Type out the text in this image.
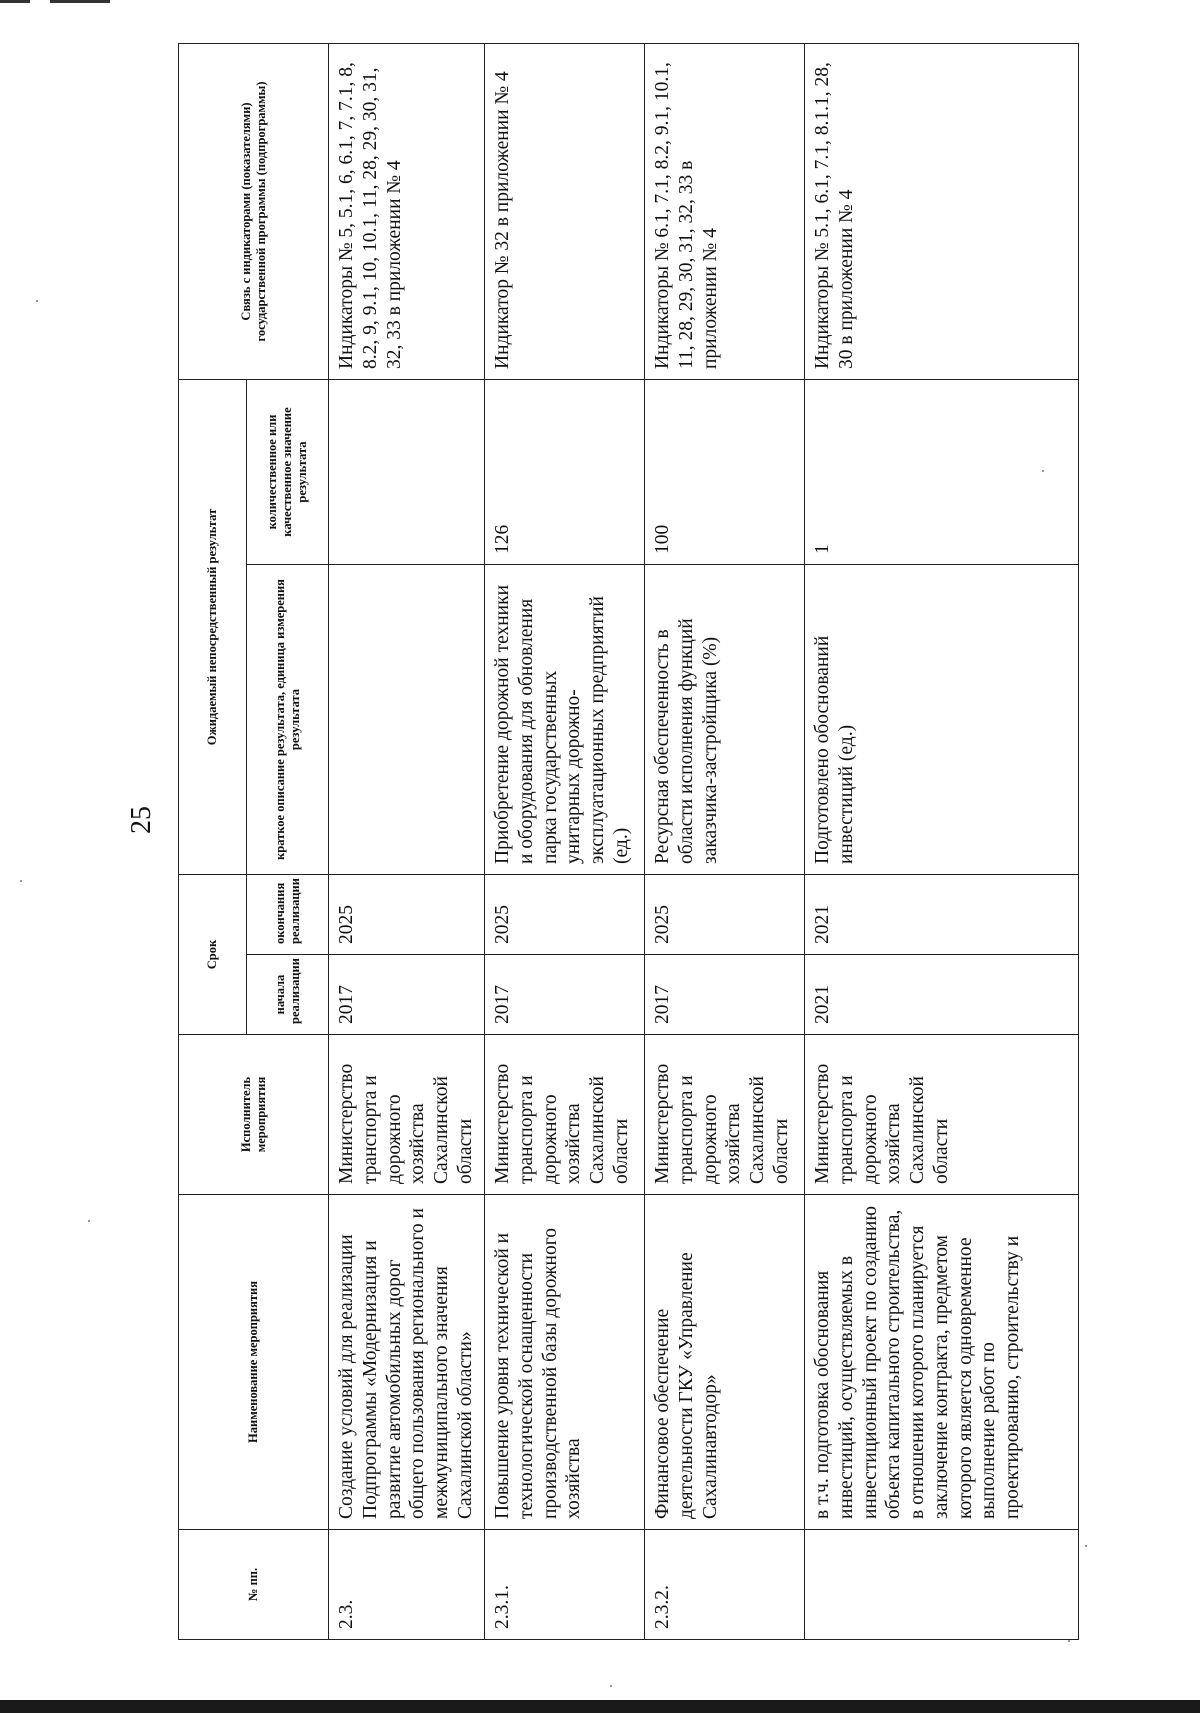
25
№ пп.	Наименование мероприятия	Исполнитель мероприятия	Срок		Ожидаемый непосредственный результат		Связь с индикаторами (показателями) государственной программы (подпрограммы)
			начала реализации	окончания реализации	краткое описание результата, единица измерения результата	количественное или качественное значение результата	
2.3.	Создание условий для реализации Подпрограммы «Модернизация и развитие автомобильных дорог общего пользования регионального и межмуниципального значения Сахалинской области»	Министерство транспорта и дорожного хозяйства Сахалинской области	2017	2025			Индикаторы № 5, 5.1, 6, 6.1, 7, 7.1, 8, 8.2, 9, 9.1, 10, 10.1, 11, 28, 29, 30, 31, 32, 33 в приложении № 4
2.3.1.	Повышение уровня технической и технологической оснащенности производственной базы дорожного хозяйства	Министерство транспорта и дорожного хозяйства Сахалинской области	2017	2025	Приобретение дорожной техники и оборудования для обновления парка государственных унитарных дорожно-эксплуатационных предприятий (ед.)	126	Индикатор № 32 в приложении № 4
2.3.2.	Финансовое обеспечение деятельности ГКУ «Управление Сахалинавтодор»	Министерство транспорта и дорожного хозяйства Сахалинской области	2017	2025	Ресурсная обеспеченность в области исполнения функций заказчика-застройщика (%)	100	Индикаторы № 6.1, 7.1, 8.2, 9.1, 10.1, 11, 28, 29, 30, 31, 32, 33 в приложении № 4
	в т.ч. подготовка обоснования инвестиций, осуществляемых в инвестиционный проект по созданию объекта капитального строительства, в отношении которого планируется заключение контракта, предметом которого является одновременное выполнение работ по проектированию, строительству и	Министерство транспорта и дорожного хозяйства Сахалинской области	2021	2021	Подготовлено обоснований инвестиций (ед.)	1	Индикаторы № 5.1, 6.1, 7.1, 8.1.1, 28, 30 в приложении № 4
